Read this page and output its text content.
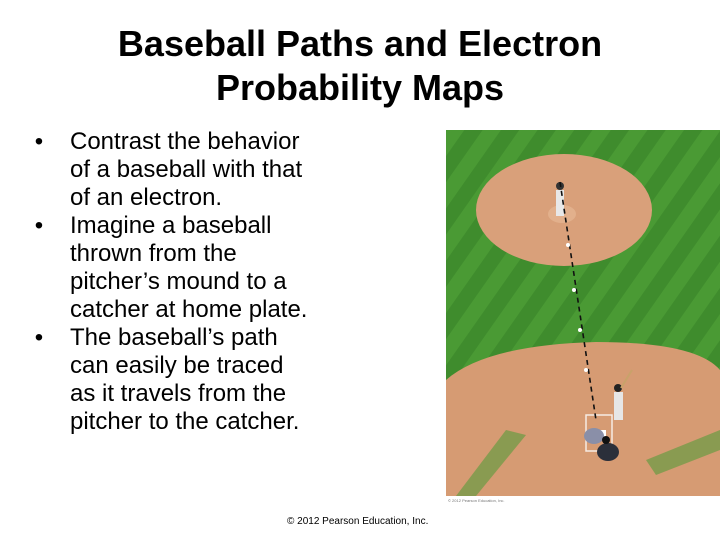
Baseball Paths and Electron
Probability Maps
• Contrast the behavior
of a baseball with that
of an electron.
• Imagine a baseball
thrown from the
pitcher’s mound to a
catcher at home plate.
• The baseball’s path
can easily be traced
as it travels from the
pitcher to the catcher.
© 2012 Pearson Education, Inc.
© 2012 Pearson Education, Inc.
